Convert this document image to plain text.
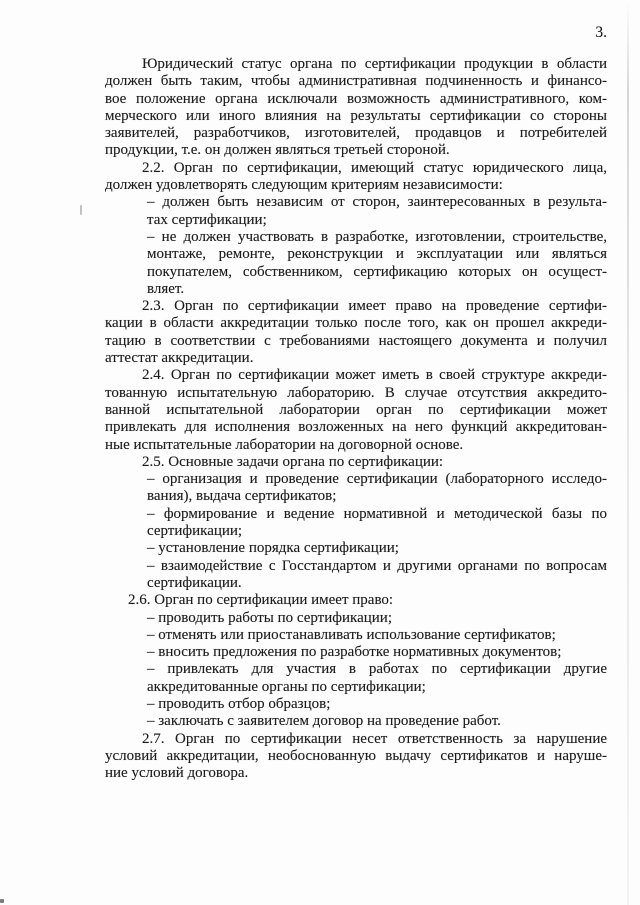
3.
Юридический статус органа по сертификации продукции в области
должен быть таким, чтобы административная подчиненность и финансо-
вое положение органа исключали возможность административного, ком-
мерческого или иного влияния на результаты сертификации со стороны
заявителей, разработчиков, изготовителей, продавцов и потребителей
продукции, т.е. он должен являться третьей стороной.
2.2. Орган по сертификации, имеющий статус юридического лица,
должен удовлетворять следующим критериям независимости:
– должен быть независим от сторон, заинтересованных в результа-
тах сертификации;
– не должен участвовать в разработке, изготовлении, строительстве,
монтаже, ремонте, реконструкции и эксплуатации или являться
покупателем, собственником, сертификацию которых он осущест-
вляет.
2.3. Орган по сертификации имеет право на проведение сертифи-
кации в области аккредитации только после того, как он прошел аккреди-
тацию в соответствии с требованиями настоящего документа и получил
аттестат аккредитации.
2.4. Орган по сертификации может иметь в своей структуре аккреди-
тованную испытательную лабораторию. В случае отсутствия аккредито-
ванной испытательной лаборатории орган по сертификации может
привлекать для исполнения возложенных на него функций аккредитован-
ные испытательные лаборатории на договорной основе.
2.5. Основные задачи органа по сертификации:
– организация и проведение сертификации (лабораторного исследо-
вания), выдача сертификатов;
– формирование и ведение нормативной и методической базы по
сертификации;
– установление порядка сертификации;
– взаимодействие с Госстандартом и другими органами по вопросам
сертификации.
2.6. Орган по сертификации имеет право:
– проводить работы по сертификации;
– отменять или приостанавливать использование сертификатов;
– вносить предложения по разработке нормативных документов;
– привлекать для участия в работах по сертификации другие
аккредитованные органы по сертификации;
– проводить отбор образцов;
– заключать с заявителем договор на проведение работ.
2.7. Орган по сертификации несет ответственность за нарушение
условий аккредитации, необоснованную выдачу сертификатов и наруше-
ние условий договора.
